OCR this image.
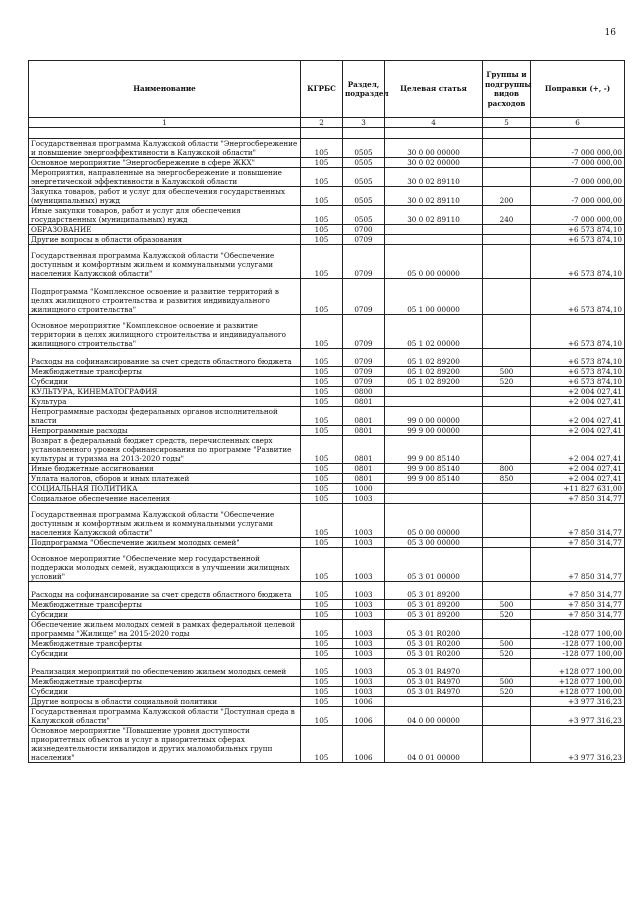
16
Наименование	КГРБС	Раздел, подраздел	Целевая статья	Группы и подгруппы видов расходов	Поправки (+, -)
1	2	3	4	5	6

Государственная программа Калужской области "Энергосбережение и повышение энергоэффективности в Калужской области"	105	0505	30 0 00 00000		-7 000 000,00
Основное мероприятие "Энергосбережение в сфере ЖКХ"	105	0505	30 0 02 00000		-7 000 000,00
Мероприятия, направленные на энергосбережение и повышение энергетической эффективности в Калужской области	105	0505	30 0 02 89110		-7 000 000,00
Закупка товаров, работ и услуг для обеспечения государственных (муниципальных) нужд	105	0505	30 0 02 89110	200	-7 000 000,00
Иные закупки товаров, работ и услуг для обеспечения государственных (муниципальных) нужд	105	0505	30 0 02 89110	240	-7 000 000,00
ОБРАЗОВАНИЕ	105	0700			+6 573 874,10
Другие вопросы в области образования	105	0709			+6 573 874,10
Государственная программа Калужской области "Обеспечение доступным и комфортным жильем и коммунальными услугами населения Калужской области"	105	0709	05 0 00 00000		+6 573 874,10
Подпрограмма "Комплексное освоение и развитие территорий в целях жилищного строительства и развития индивидуального жилищного строительства"	105	0709	05 1 00 00000		+6 573 874,10
Основное мероприятие "Комплексное освоение и развитие территории в целях жилищного строительства и индивидуального жилищного строительства"	105	0709	05 1 02 00000		+6 573 874,10
Расходы на софинансирование за счет средств областного бюджета	105	0709	05 1 02 89200		+6 573 874,10
Межбюджетные трансферты	105	0709	05 1 02 89200	500	+6 573 874,10
Субсидии	105	0709	05 1 02 89200	520	+6 573 874,10
КУЛЬТУРА, КИНЕМАТОГРАФИЯ	105	0800			+2 004 027,41
Культура	105	0801			+2 004 027,41
Непрограммные расходы федеральных органов исполнительной власти	105	0801	99 0 00 00000		+2 004 027,41
Непрограммные расходы	105	0801	99 9 00 00000		+2 004 027,41
Возврат в федеральный бюджет средств, перечисленных сверх установленного уровня софинансирования по программе "Развитие культуры и туризма на 2013-2020 годы"	105	0801	99 9 00 85140		+2 004 027,41
Иные бюджетные ассигнования	105	0801	99 9 00 85140	800	+2 004 027,41
Уплата налогов, сборов и иных платежей	105	0801	99 9 00 85140	850	+2 004 027,41
СОЦИАЛЬНАЯ ПОЛИТИКА	105	1000			+11 827 631,00
Социальное обеспечение населения	105	1003			+7 850 314,77
Государственная программа Калужской области "Обеспечение доступным и комфортным жильем и коммунальными услугами населения Калужской области"	105	1003	05 0 00 00000		+7 850 314,77
Подпрограмма "Обеспечение жильем молодых семей"	105	1003	05 3 00 00000		+7 850 314,77
Основное мероприятие "Обеспечение мер государственной поддержки молодых семей, нуждающихся в улучшении жилищных условий"	105	1003	05 3 01 00000		+7 850 314,77
Расходы на софинансирование за счет средств областного бюджета	105	1003	05 3 01 89200		+7 850 314,77
Межбюджетные трансферты	105	1003	05 3 01 89200	500	+7 850 314,77
Субсидии	105	1003	05 3 01 89200	520	+7 850 314,77
Обеспечение жильем молодых семей в рамках федеральной целевой программы "Жилище" на 2015-2020 годы	105	1003	05 3 01 R0200		-128 077 100,00
Межбюджетные трансферты	105	1003	05 3 01 R0200	500	-128 077 100,00
Субсидии	105	1003	05 3 01 R0200	520	-128 077 100,00
Реализация мероприятий по обеспечению жильем молодых семей	105	1003	05 3 01 R4970		+128 077 100,00
Межбюджетные трансферты	105	1003	05 3 01 R4970	500	+128 077 100,00
Субсидии	105	1003	05 3 01 R4970	520	+128 077 100,00
Другие вопросы в области социальной политики	105	1006			+3 977 316,23
Государственная программа Калужской области "Доступная среда в Калужской области"	105	1006	04 0 00 00000		+3 977 316,23
Основное мероприятие "Повышение уровня доступности приоритетных объектов и услуг в приоритетных сферах жизнедеятельности инвалидов и других маломобильных групп населения"	105	1006	04 0 01 00000		+3 977 316,23
